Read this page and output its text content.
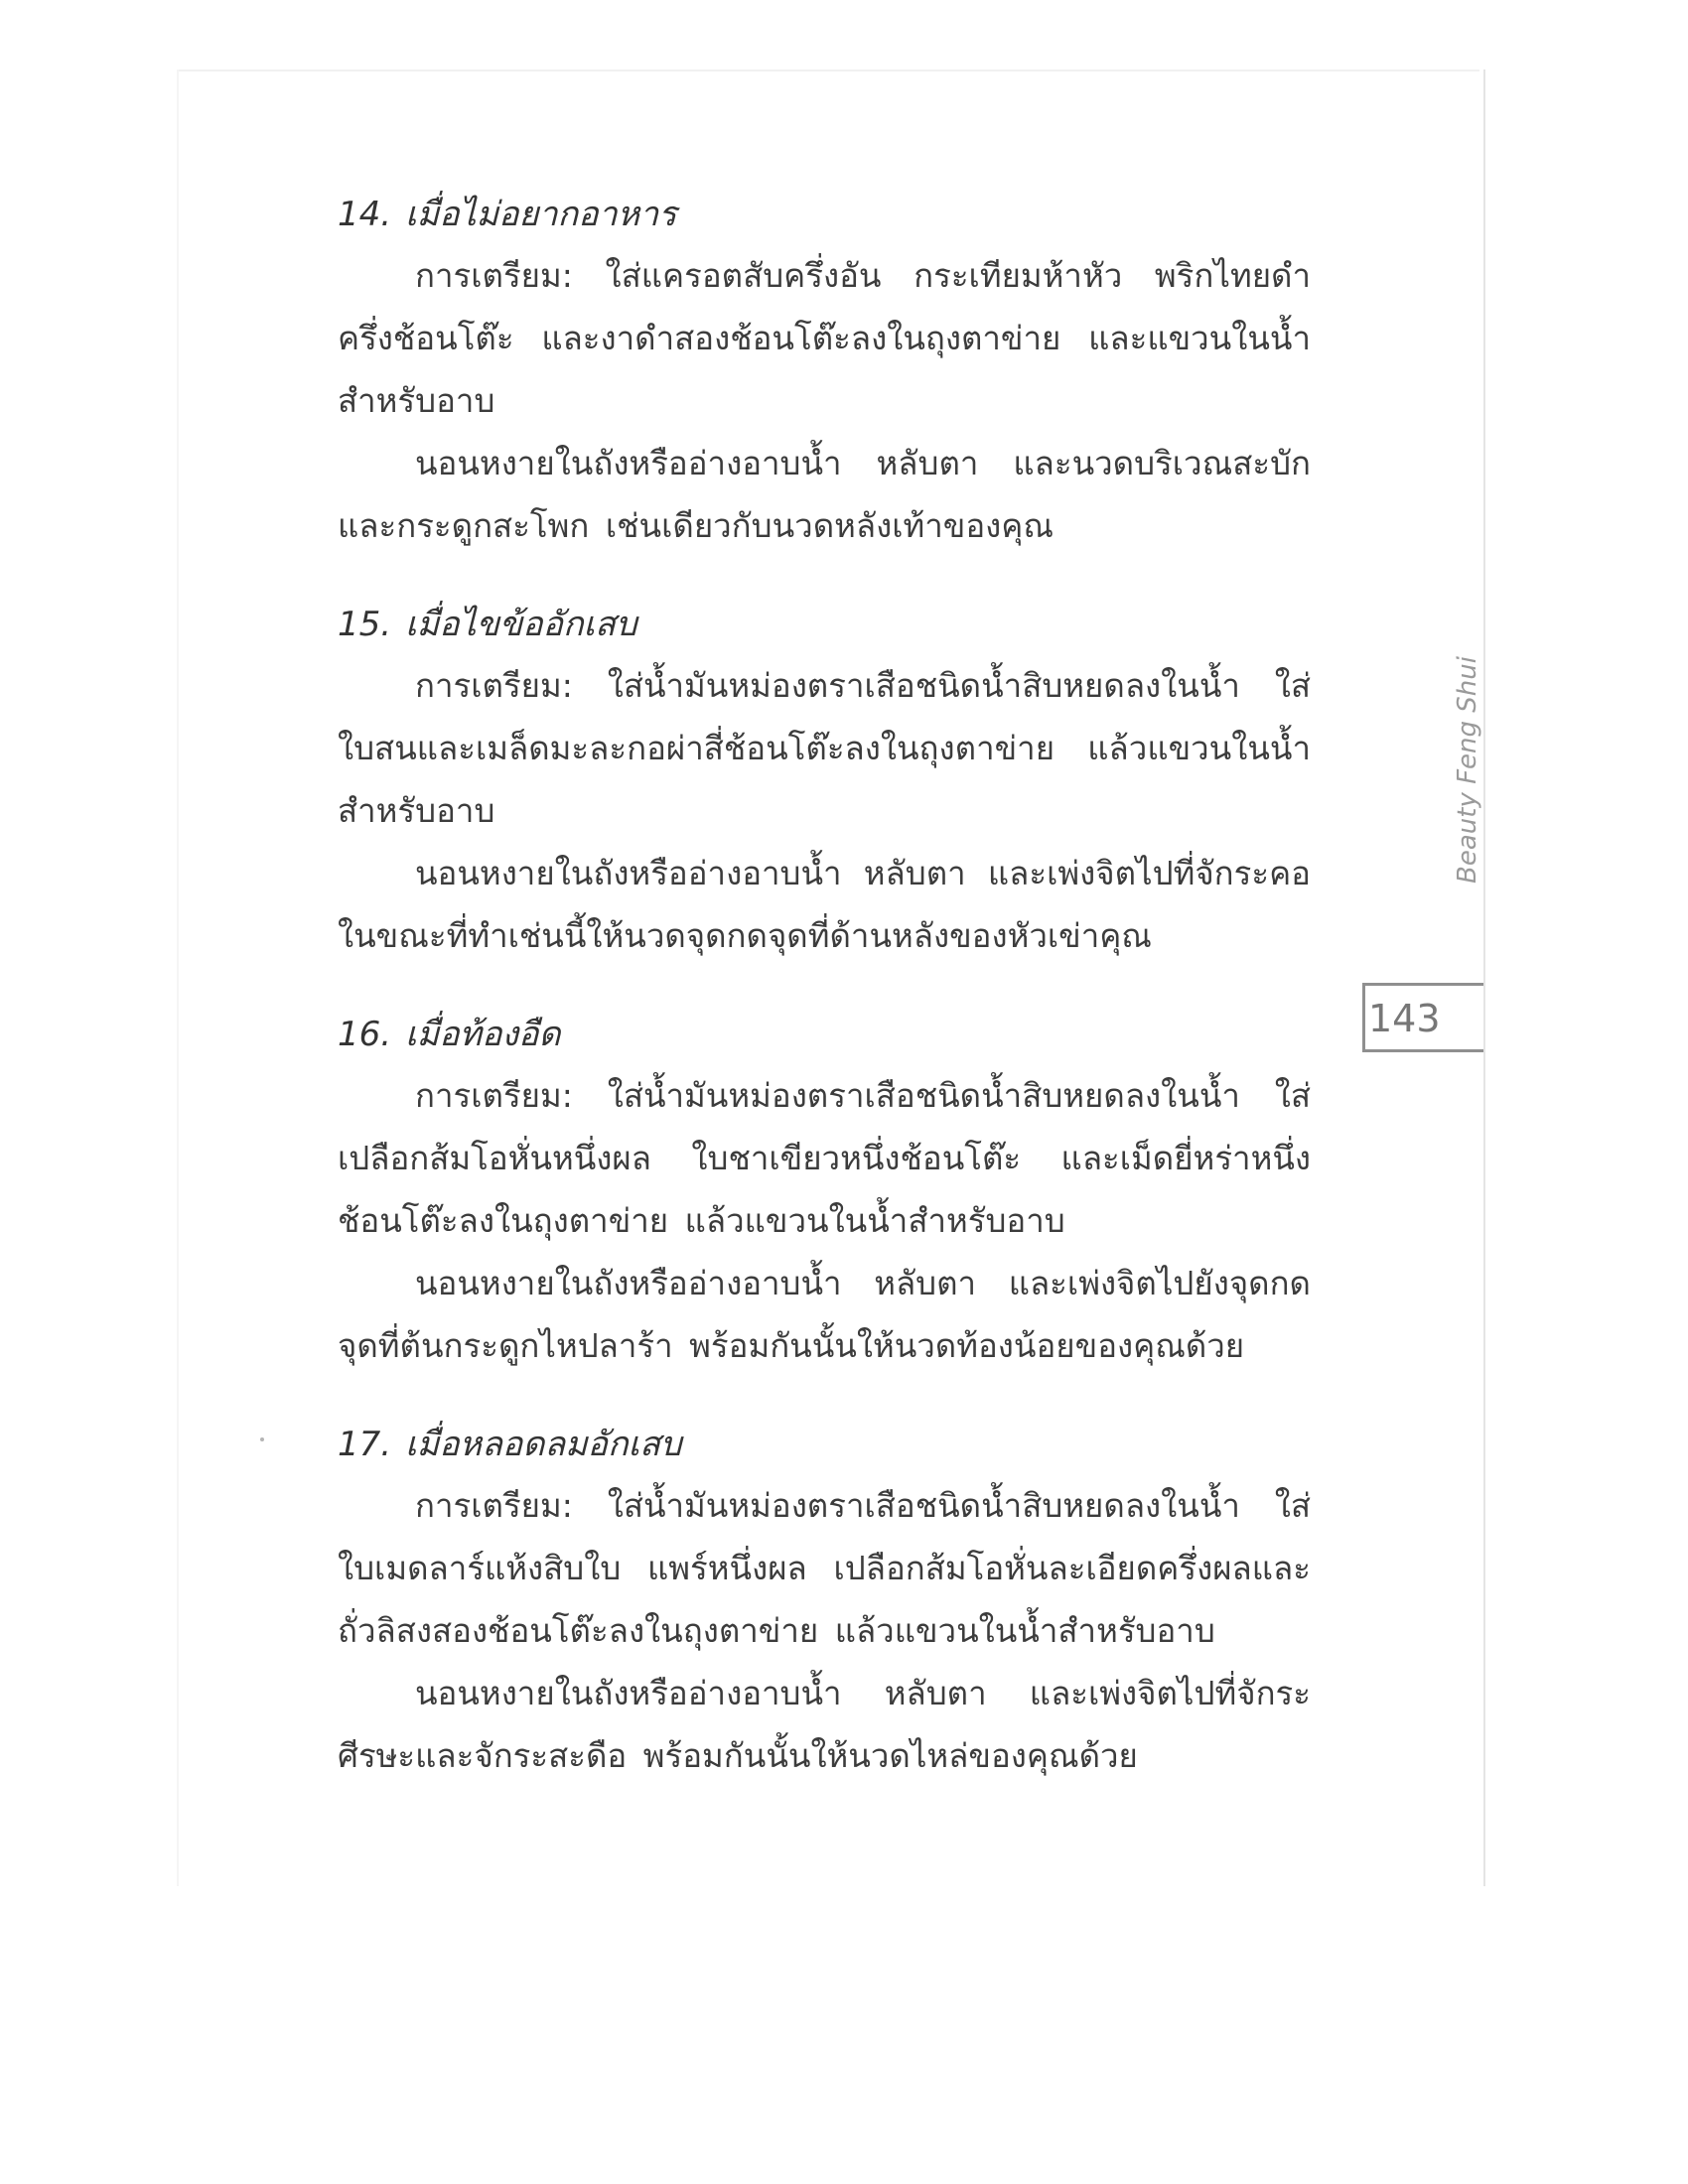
14. เมื่อไม่อยากอาหาร

การเตรียม: ใส่แครอตสับครึ่งอัน กระเทียมห้าหัว พริกไทยดำครึ่งช้อนโต๊ะ และงาดำสองช้อนโต๊ะลงในถุงตาข่าย และแขวนในน้ำสำหรับอาบ

นอนหงายในถังหรืออ่างอาบน้ำ หลับตา และนวดบริเวณสะบักและกระดูกสะโพก เช่นเดียวกับนวดหลังเท้าของคุณ

15. เมื่อไขข้ออักเสบ

การเตรียม: ใส่น้ำมันหม่องตราเสือชนิดน้ำสิบหยดลงในน้ำ ใส่ใบสนและเมล็ดมะละกอผ่าสี่ช้อนโต๊ะลงในถุงตาข่าย แล้วแขวนในน้ำสำหรับอาบ

นอนหงายในถังหรืออ่างอาบน้ำ หลับตา และเพ่งจิตไปที่จักระคอ ในขณะที่ทำเช่นนี้ให้นวดจุดกดจุดที่ด้านหลังของหัวเข่าคุณ

16. เมื่อท้องอืด

การเตรียม: ใส่น้ำมันหม่องตราเสือชนิดน้ำสิบหยดลงในน้ำ ใส่เปลือกส้มโอหั่นหนึ่งผล ใบชาเขียวหนึ่งช้อนโต๊ะ และเม็ดยี่หร่าหนึ่งช้อนโต๊ะลงในถุงตาข่าย แล้วแขวนในน้ำสำหรับอาบ

นอนหงายในถังหรืออ่างอาบน้ำ หลับตา และเพ่งจิตไปยังจุดกดจุดที่ต้นกระดูกไหปลาร้า พร้อมกันนั้นให้นวดท้องน้อยของคุณด้วย

17. เมื่อหลอดลมอักเสบ

การเตรียม: ใส่น้ำมันหม่องตราเสือชนิดน้ำสิบหยดลงในน้ำ ใส่ใบเมดลาร์แห้งสิบใบ แพร์หนึ่งผล เปลือกส้มโอหั่นละเอียดครึ่งผลและถั่วลิสงสองช้อนโต๊ะลงในถุงตาข่าย แล้วแขวนในน้ำสำหรับอาบ

นอนหงายในถังหรืออ่างอาบน้ำ หลับตา และเพ่งจิตไปที่จักระศีรษะและจักระสะดือ พร้อมกันนั้นให้นวดไหล่ของคุณด้วย

Beauty Feng Shui
143
